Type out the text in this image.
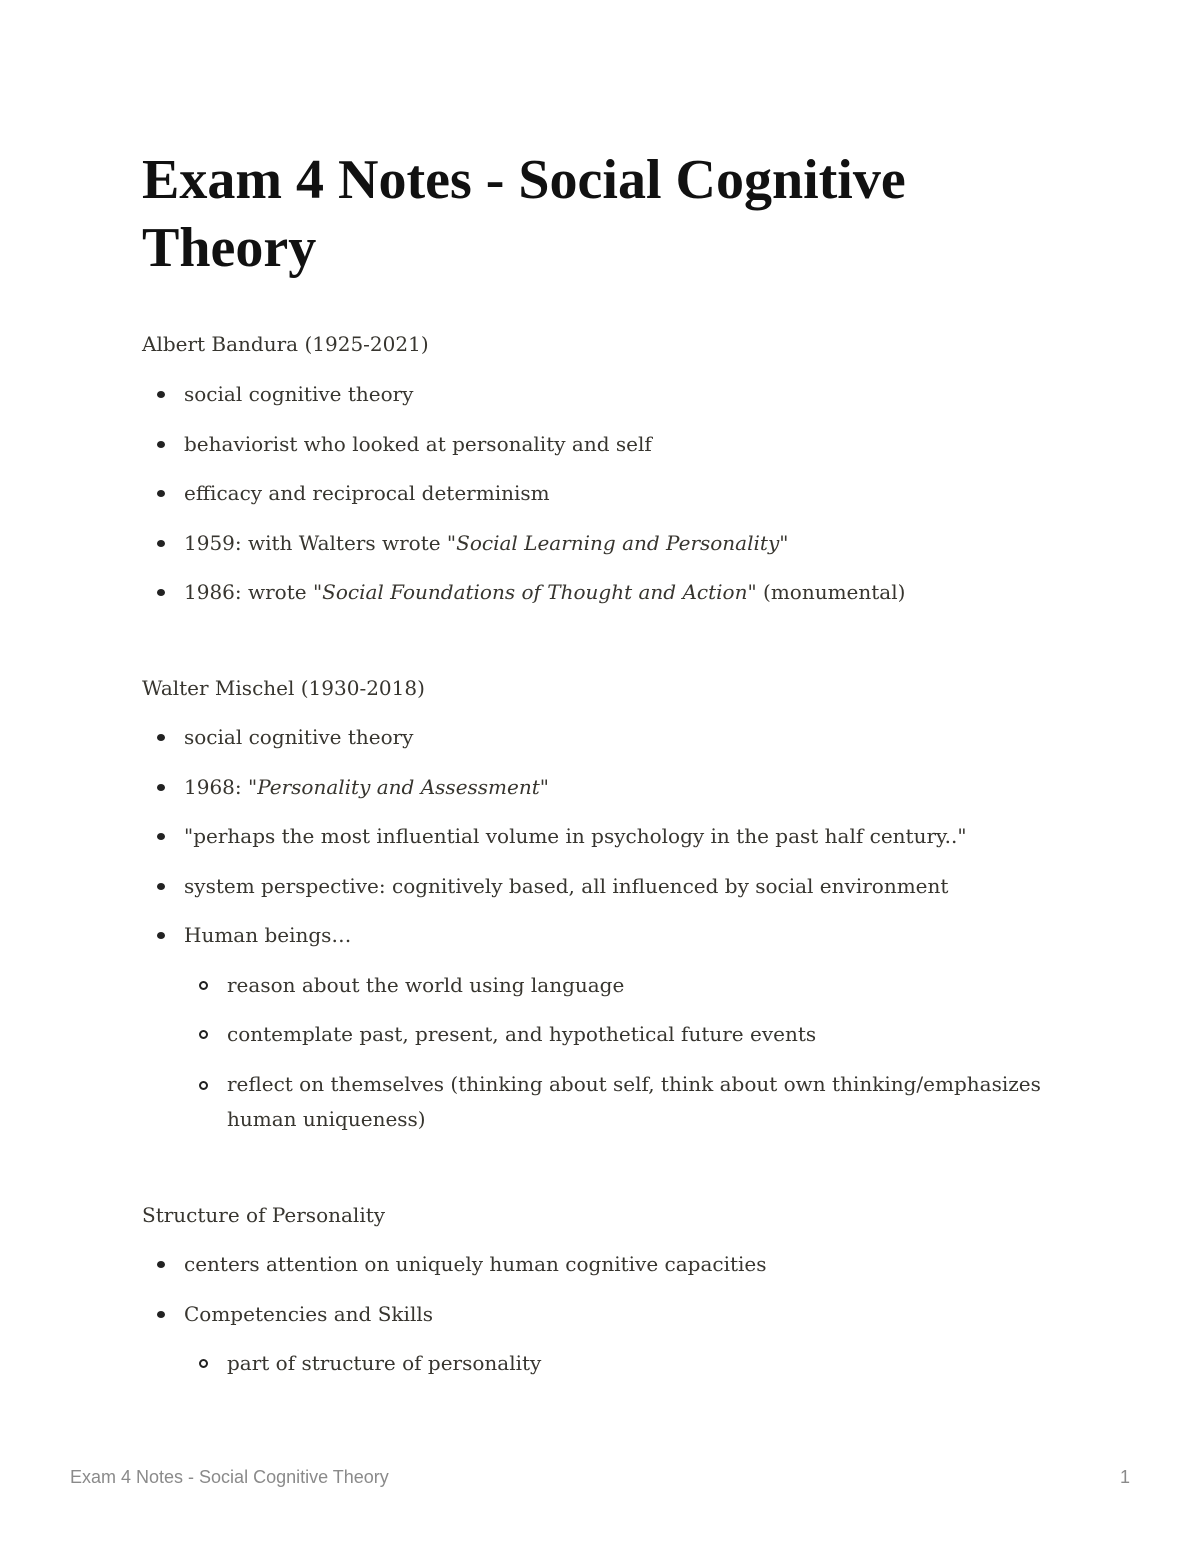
Exam 4 Notes - Social Cognitive Theory

Albert Bandura (1925-2021)

social cognitive theory
behaviorist who looked at personality and self
efficacy and reciprocal determinism
1959: with Walters wrote "Social Learning and Personality"
1986: wrote "Social Foundations of Thought and Action" (monumental)

Walter Mischel (1930-2018)

social cognitive theory
1968: "Personality and Assessment"
"perhaps the most influential volume in psychology in the past half century.."
system perspective: cognitively based, all influenced by social environment
Human beings…
reason about the world using language
contemplate past, present, and hypothetical future events
reflect on themselves (thinking about self, think about own thinking/emphasizes human uniqueness)

Structure of Personality

centers attention on uniquely human cognitive capacities
Competencies and Skills
part of structure of personality
Exam 4 Notes - Social Cognitive Theory	1
